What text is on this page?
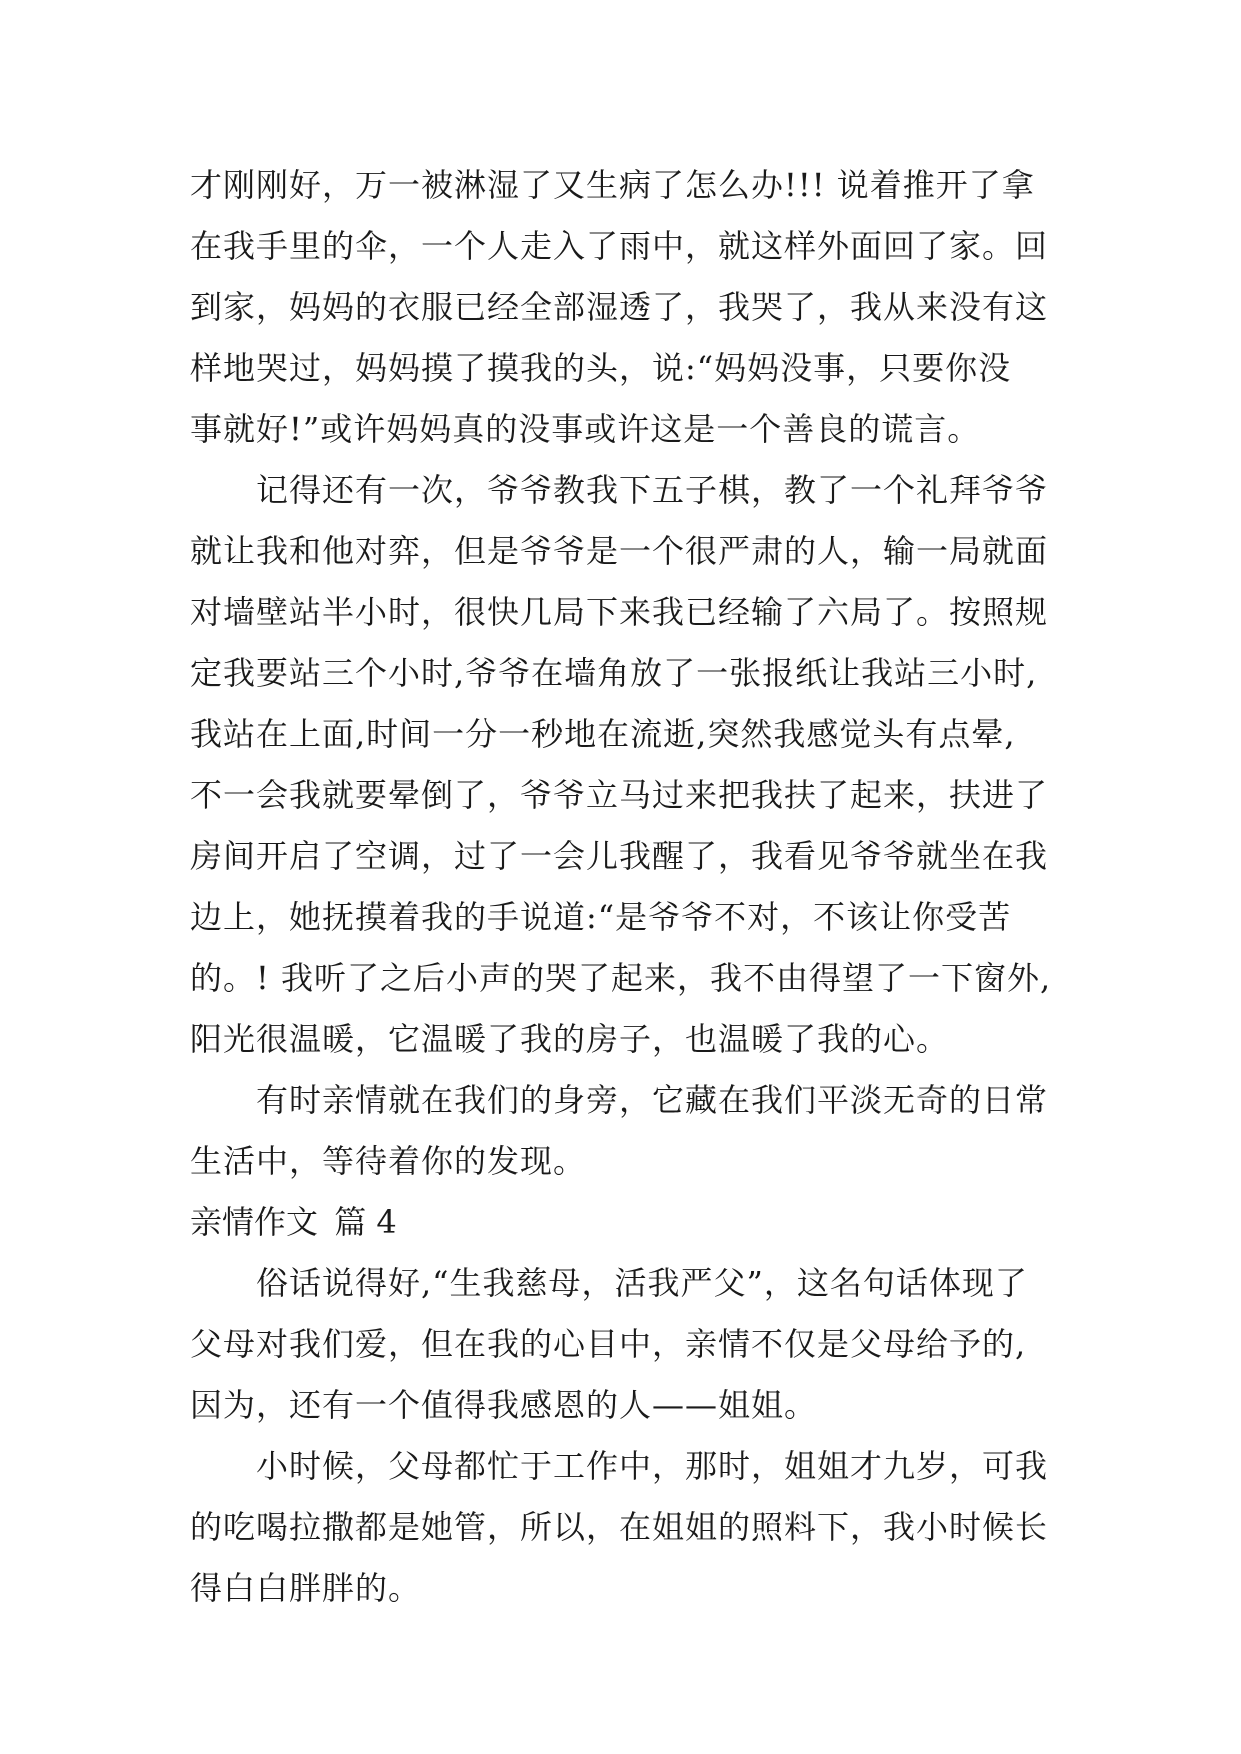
才刚刚好，万一被淋湿了又生病了怎么办!!! 说着推开了拿
在我手里的伞，一个人走入了雨中，就这样外面回了家。回
到家，妈妈的衣服已经全部湿透了，我哭了，我从来没有这
样地哭过，妈妈摸了摸我的头，说:“妈妈没事，只要你没
事就好!”或许妈妈真的没事或许这是一个善良的谎言。
记得还有一次，爷爷教我下五子棋，教了一个礼拜爷爷
就让我和他对弈，但是爷爷是一个很严肃的人，输一局就面
对墙壁站半小时，很快几局下来我已经输了六局了。按照规
定我要站三个小时,爷爷在墙角放了一张报纸让我站三小时,
我站在上面,时间一分一秒地在流逝,突然我感觉头有点晕,
不一会我就要晕倒了，爷爷立马过来把我扶了起来，扶进了
房间开启了空调，过了一会儿我醒了，我看见爷爷就坐在我
边上，她抚摸着我的手说道:“是爷爷不对，不该让你受苦
的。! 我听了之后小声的哭了起来，我不由得望了一下窗外,
阳光很温暖，它温暖了我的房子，也温暖了我的心。
有时亲情就在我们的身旁，它藏在我们平淡无奇的日常
生活中，等待着你的发现。
亲情作文 篇 4
俗话说得好,“生我慈母，活我严父”，这名句话体现了
父母对我们爱，但在我的心目中，亲情不仅是父母给予的,
因为，还有一个值得我感恩的人——姐姐。
小时候，父母都忙于工作中，那时，姐姐才九岁，可我
的吃喝拉撒都是她管，所以，在姐姐的照料下，我小时候长
得白白胖胖的。
